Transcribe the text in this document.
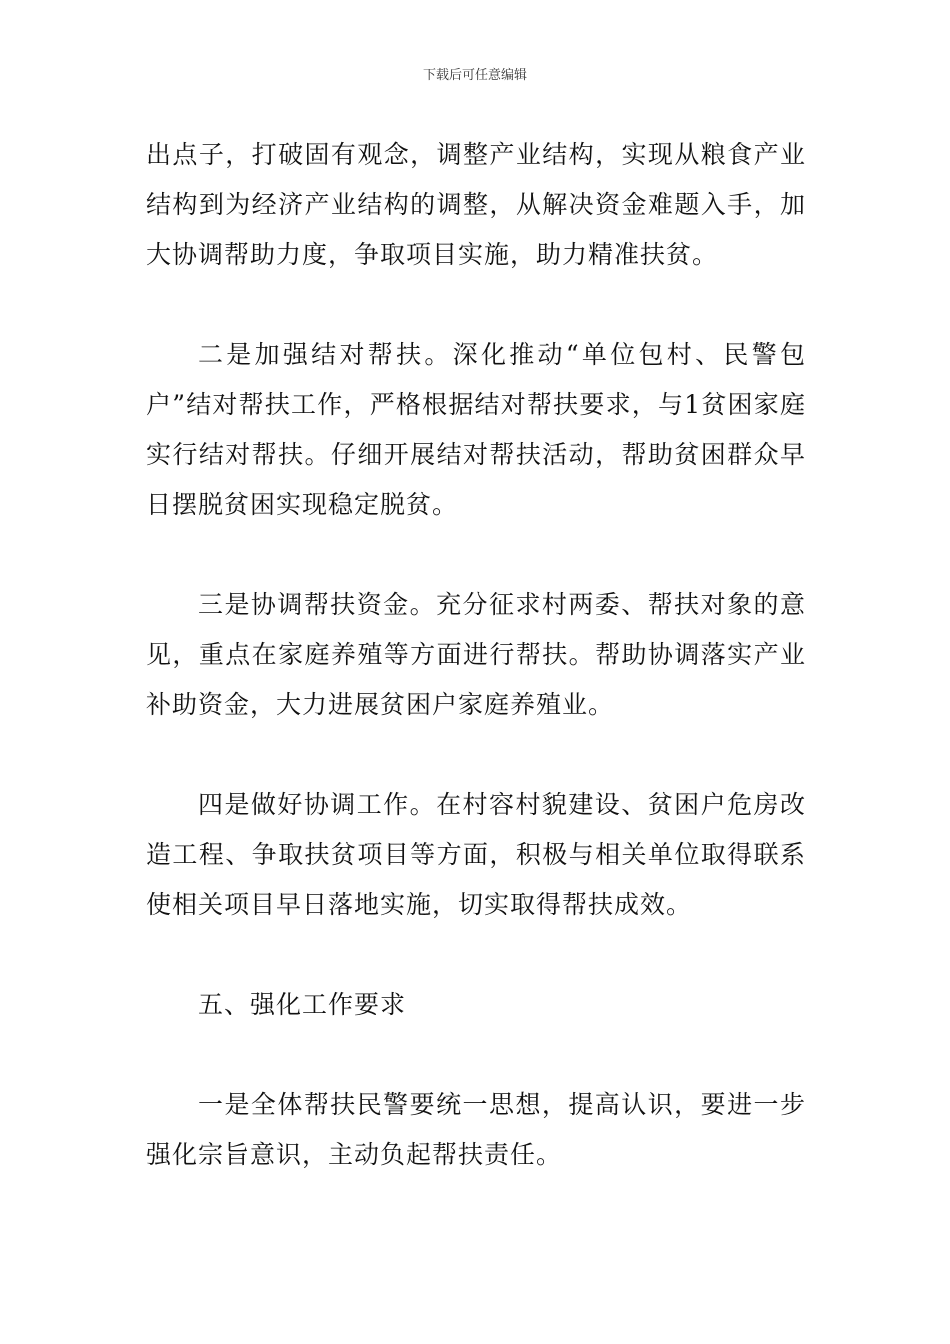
下载后可任意编辑

出点子，打破固有观念，调整产业结构，实现从粮食产业结构到为经济产业结构的调整，从解决资金难题入手，加大协调帮助力度，争取项目实施，助力精准扶贫。

二是加强结对帮扶。深化推动“单位包村、民警包户”结对帮扶工作，严格根据结对帮扶要求，与1贫困家庭实行结对帮扶。仔细开展结对帮扶活动，帮助贫困群众早日摆脱贫困实现稳定脱贫。

三是协调帮扶资金。充分征求村两委、帮扶对象的意见，重点在家庭养殖等方面进行帮扶。帮助协调落实产业补助资金，大力进展贫困户家庭养殖业。

四是做好协调工作。在村容村貌建设、贫困户危房改造工程、争取扶贫项目等方面，积极与相关单位取得联系使相关项目早日落地实施，切实取得帮扶成效。

五、强化工作要求

一是全体帮扶民警要统一思想，提高认识，要进一步强化宗旨意识，主动负起帮扶责任。
